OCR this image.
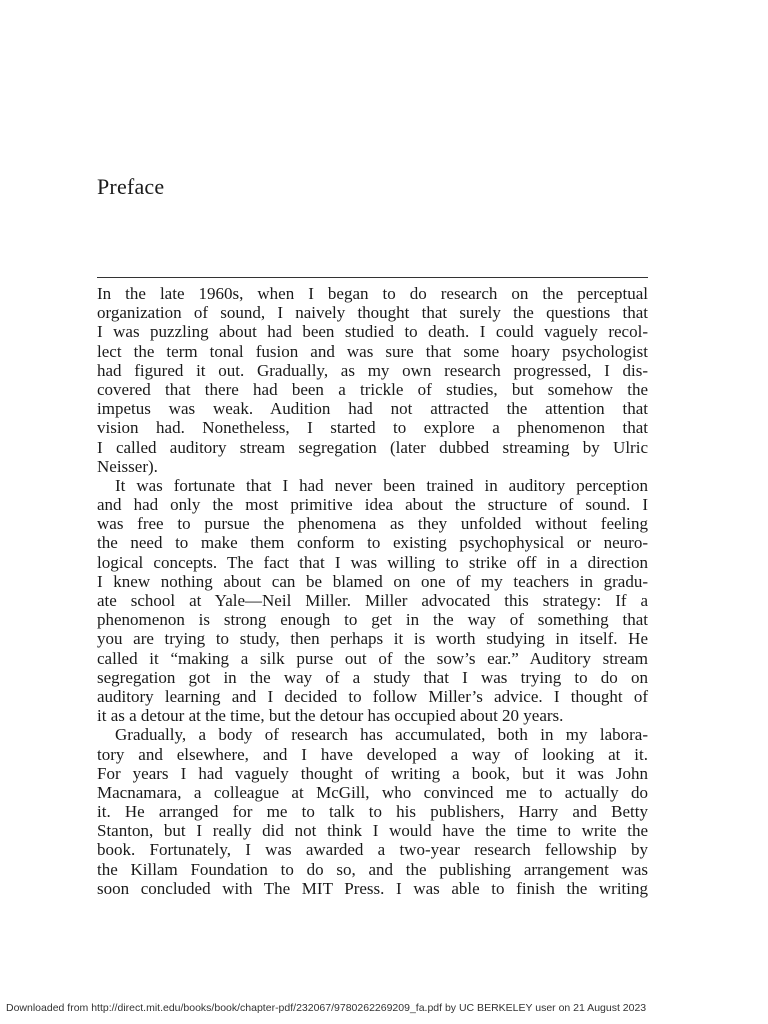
Preface
In the late 1960s, when I began to do research on the perceptual
organization of sound, I naively thought that surely the questions that
I was puzzling about had been studied to death. I could vaguely recol-
lect the term tonal fusion and was sure that some hoary psychologist
had figured it out. Gradually, as my own research progressed, I dis-
covered that there had been a trickle of studies, but somehow the
impetus was weak. Audition had not attracted the attention that
vision had. Nonetheless, I started to explore a phenomenon that
I called auditory stream segregation (later dubbed streaming by Ulric
Neisser).
It was fortunate that I had never been trained in auditory perception
and had only the most primitive idea about the structure of sound. I
was free to pursue the phenomena as they unfolded without feeling
the need to make them conform to existing psychophysical or neuro-
logical concepts. The fact that I was willing to strike off in a direction
I knew nothing about can be blamed on one of my teachers in gradu-
ate school at Yale—Neil Miller. Miller advocated this strategy: If a
phenomenon is strong enough to get in the way of something that
you are trying to study, then perhaps it is worth studying in itself. He
called it “making a silk purse out of the sow’s ear.” Auditory stream
segregation got in the way of a study that I was trying to do on
auditory learning and I decided to follow Miller’s advice. I thought of
it as a detour at the time, but the detour has occupied about 20 years.
Gradually, a body of research has accumulated, both in my labora-
tory and elsewhere, and I have developed a way of looking at it.
For years I had vaguely thought of writing a book, but it was John
Macnamara, a colleague at McGill, who convinced me to actually do
it. He arranged for me to talk to his publishers, Harry and Betty
Stanton, but I really did not think I would have the time to write the
book. Fortunately, I was awarded a two-year research fellowship by
the Killam Foundation to do so, and the publishing arrangement was
soon concluded with The MIT Press. I was able to finish the writing
Downloaded from http://direct.mit.edu/books/book/chapter-pdf/232067/9780262269209_fa.pdf by UC BERKELEY user on 21 August 2023
